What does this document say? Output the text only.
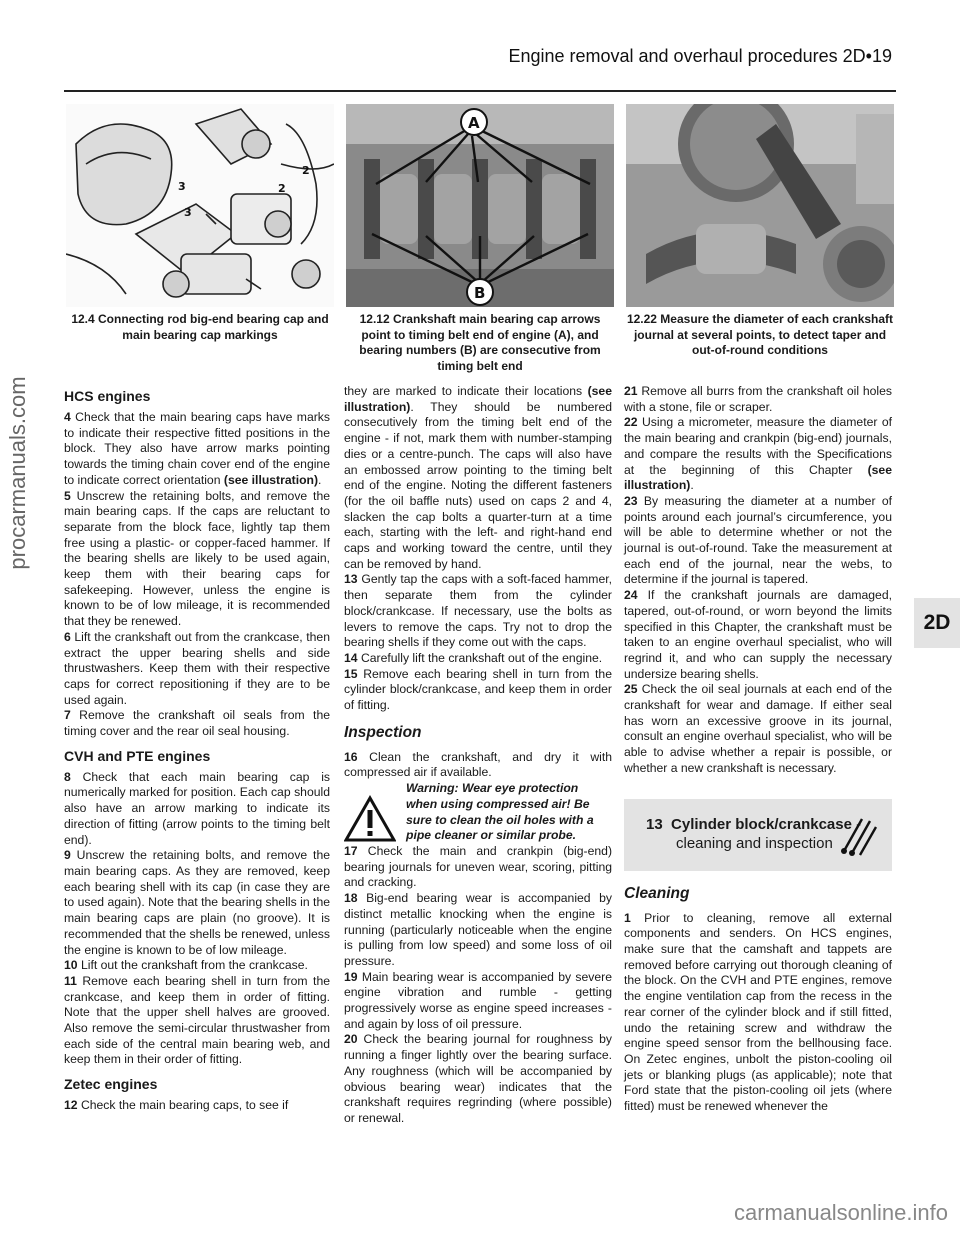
Engine removal and overhaul procedures 2D•19
3
3
2
2
12.4 Connecting rod big-end bearing cap and main bearing cap markings
A
B
12.12 Crankshaft main bearing cap arrows point to timing belt end of engine (A), and bearing numbers (B) are consecutive from timing belt end
12.22 Measure the diameter of each crankshaft journal at several points, to detect taper and out-of-round conditions
HCS engines

4 Check that the main bearing caps have marks to indicate their respective fitted positions in the block. They also have arrow marks pointing towards the timing chain cover end of the engine to indicate correct orientation (see illustration).

5 Unscrew the retaining bolts, and remove the main bearing caps. If the caps are reluctant to separate from the block face, lightly tap them free using a plastic- or copper-faced hammer. If the bearing shells are likely to be used again, keep them with their bearing caps for safekeeping. However, unless the engine is known to be of low mileage, it is recommended that they be renewed.

6 Lift the crankshaft out from the crankcase, then extract the upper bearing shells and side thrustwashers. Keep them with their respective caps for correct repositioning if they are to be used again.

7 Remove the crankshaft oil seals from the timing cover and the rear oil seal housing.

CVH and PTE engines

8 Check that each main bearing cap is numerically marked for position. Each cap should also have an arrow marking to indicate its direction of fitting (arrow points to the timing belt end).

9 Unscrew the retaining bolts, and remove the main bearing caps. As they are removed, keep each bearing shell with its cap (in case they are to used again). Note that the bearing shells in the main bearing caps are plain (no groove). It is recommended that the shells be renewed, unless the engine is known to be of low mileage.

10 Lift out the crankshaft from the crankcase.

11 Remove each bearing shell in turn from the crankcase, and keep them in order of fitting. Note that the upper shell halves are grooved. Also remove the semi-circular thrustwasher from each side of the central main bearing web, and keep them in their order of fitting.

Zetec engines

12 Check the main bearing caps, to see if

they are marked to indicate their locations (see illustration). They should be numbered consecutively from the timing belt end of the engine - if not, mark them with number-stamping dies or a centre-punch. The caps will also have an embossed arrow pointing to the timing belt end of the engine. Noting the different fasteners (for the oil baffle nuts) used on caps 2 and 4, slacken the cap bolts a quarter-turn at a time each, starting with the left- and right-hand end caps and working toward the centre, until they can be removed by hand.

13 Gently tap the caps with a soft-faced hammer, then separate them from the cylinder block/crankcase. If necessary, use the bolts as levers to remove the caps. Try not to drop the bearing shells if they come out with the caps.

14 Carefully lift the crankshaft out of the engine.

15 Remove each bearing shell in turn from the cylinder block/crankcase, and keep them in order of fitting.

Inspection

16 Clean the crankshaft, and dry it with compressed air if available.

Warning: Wear eye protection when using compressed air! Be sure to clean the oil holes with a pipe cleaner or similar probe.

17 Check the main and crankpin (big-end) bearing journals for uneven wear, scoring, pitting and cracking.

18 Big-end bearing wear is accompanied by distinct metallic knocking when the engine is running (particularly noticeable when the engine is pulling from low speed) and some loss of oil pressure.

19 Main bearing wear is accompanied by severe engine vibration and rumble - getting progressively worse as engine speed increases - and again by loss of oil pressure.

20 Check the bearing journal for roughness by running a finger lightly over the bearing surface. Any roughness (which will be accompanied by obvious bearing wear) indicates that the crankshaft requires regrinding (where possible) or renewal.

21 Remove all burrs from the crankshaft oil holes with a stone, file or scraper.

22 Using a micrometer, measure the diameter of the main bearing and crankpin (big-end) journals, and compare the results with the Specifications at the beginning of this Chapter (see illustration).

23 By measuring the diameter at a number of points around each journal’s circumference, you will be able to determine whether or not the journal is out-of-round. Take the measurement at each end of the journal, near the webs, to determine if the journal is tapered.

24 If the crankshaft journals are damaged, tapered, out-of-round, or worn beyond the limits specified in this Chapter, the crankshaft must be taken to an engine overhaul specialist, who will regrind it, and who can supply the necessary undersize bearing shells.

25 Check the oil seal journals at each end of the crankshaft for wear and damage. If either seal has worn an excessive groove in its journal, consult an engine overhaul specialist, who will be able to advise whether a repair is possible, or whether a new crankshaft is necessary.

13 Cylinder block/crankcase -
cleaning and inspection
Cleaning

1 Prior to cleaning, remove all external components and senders. On HCS engines, make sure that the camshaft and tappets are removed before carrying out thorough cleaning of the block. On the CVH and PTE engines, remove the engine ventilation cap from the recess in the rear corner of the cylinder block and if still fitted, undo the retaining screw and withdraw the engine speed sensor from the bellhousing face. On Zetec engines, unbolt the piston-cooling oil jets or blanking plugs (as applicable); note that Ford state that the piston-cooling oil jets (where fitted) must be renewed whenever the

2D
procarmanuals.com
carmanualsonline.info
